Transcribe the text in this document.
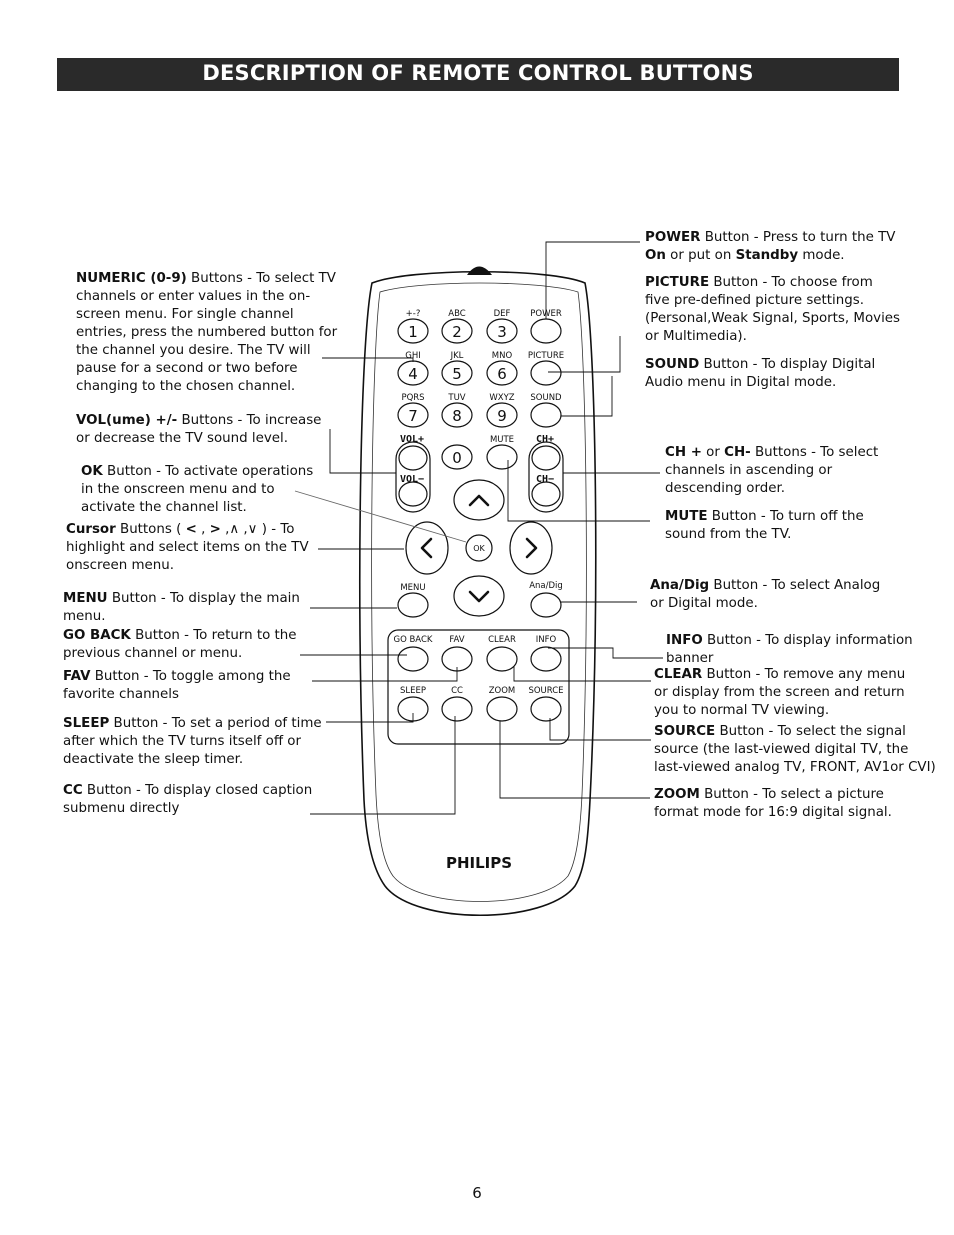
DESCRIPTION OF REMOTE CONTROL BUTTONS
+-?	ABC	DEF POWER
GHI	JKL	MNO PICTURE
PQRS	TUV	WXYZ SOUND
MUTE
MENU	Ana/Dig
OK
GO BACK FAV	CLEAR INFO
SLEEP	CC	ZOOM SOURCE
VOL+
VOL−
CH+
CH−
1 2 3
4 5 6
7 8 9
0
PHILIPS
NUMERIC (0-9) Buttons - To select TV channels or enter values in the on-screen menu. For single channel entries, press the numbered button for the channel you desire. The TV will pause for a second or two before changing to the chosen channel.
VOL(ume) +/- Buttons - To increase or decrease the TV sound level.
OK Button - To activate operations in the onscreen menu and to activate the channel list.
Cursor Buttons ( < , > ,∧ ,∨ ) - To highlight and select items on the TV onscreen menu.
MENU Button - To display the main menu.
GO BACK Button - To return to the previous channel or menu.
FAV Button - To toggle among the favorite channels
SLEEP Button - To set a period of time after which the TV turns itself off or deactivate the sleep timer.
CC Button - To display closed caption submenu directly
POWER Button - Press to turn the TV On or put on Standby mode.
PICTURE Button - To choose from five pre-defined picture settings. (Personal,Weak Signal, Sports, Movies or Multimedia).
SOUND Button - To display Digital Audio menu in Digital mode.
CH + or CH- Buttons - To select channels in ascending or descending order.
MUTE Button - To turn off the sound from the TV.
Ana/Dig Button - To select Analog or Digital mode.
INFO Button - To display information banner
CLEAR Button - To remove any menu or display from the screen and return you to normal TV viewing.
SOURCE Button - To select the signal source (the last-viewed digital TV, the last-viewed analog TV, FRONT, AV1or CVI)
ZOOM Button - To select a picture format mode for 16:9 digital signal.
6
